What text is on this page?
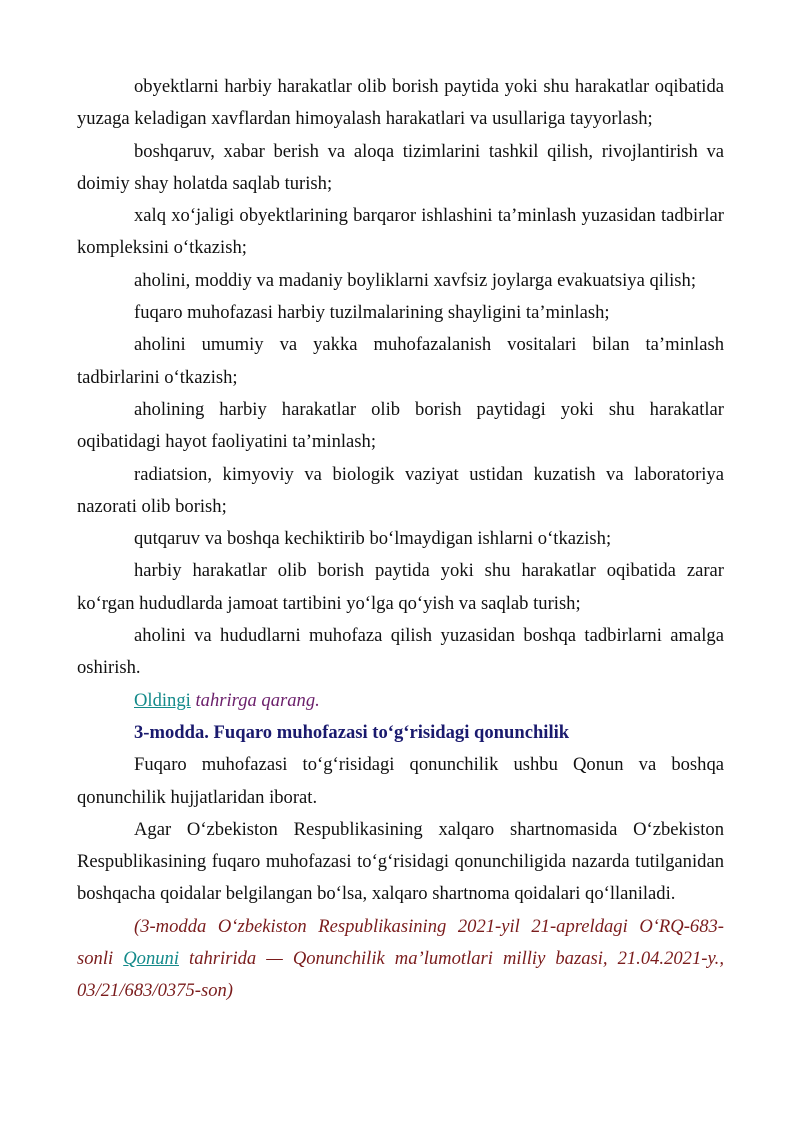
obyektlarni harbiy harakatlar olib borish paytida yoki shu harakatlar oqibatida yuzaga keladigan xavflardan himoyalash harakatlari va usullariga tayyorlash;

boshqaruv, xabar berish va aloqa tizimlarini tashkil qilish, rivojlantirish va doimiy shay holatda saqlab turish;

xalq xo‘jaligi obyektlarining barqaror ishlashini ta’minlash yuzasidan tadbirlar kompleksini o‘tkazish;

aholini, moddiy va madaniy boyliklarni xavfsiz joylarga evakuatsiya qilish;

fuqaro muhofazasi harbiy tuzilmalarining shayligini ta’minlash;

aholini umumiy va yakka muhofazalanish vositalari bilan ta’minlash tadbirlarini o‘tkazish;

aholining harbiy harakatlar olib borish paytidagi yoki shu harakatlar oqibatidagi hayot faoliyatini ta’minlash;

radiatsion, kimyoviy va biologik vaziyat ustidan kuzatish va laboratoriya nazorati olib borish;

qutqaruv va boshqa kechiktirib bo‘lmaydigan ishlarni o‘tkazish;

harbiy harakatlar olib borish paytida yoki shu harakatlar oqibatida zarar ko‘rgan hududlarda jamoat tartibini yo‘lga qo‘yish va saqlab turish;

aholini va hududlarni muhofaza qilish yuzasidan boshqa tadbirlarni amalga oshirish.

Oldingi tahrirga qarang.

3-modda. Fuqaro muhofazasi to‘g‘risidagi qonunchilik

Fuqaro muhofazasi to‘g‘risidagi qonunchilik ushbu Qonun va boshqa qonunchilik hujjatlaridan iborat.

Agar O‘zbekiston Respublikasining xalqaro shartnomasida O‘zbekiston Respublikasining fuqaro muhofazasi to‘g‘risidagi qonunchiligida nazarda tutilganidan boshqacha qoidalar belgilangan bo‘lsa, xalqaro shartnoma qoidalari qo‘llaniladi.

(3-modda O‘zbekiston Respublikasining 2021-yil 21-apreldagi O‘RQ-683-sonli Qonuni tahririda — Qonunchilik ma’lumotlari milliy bazasi, 21.04.2021-y., 03/21/683/0375-son)
